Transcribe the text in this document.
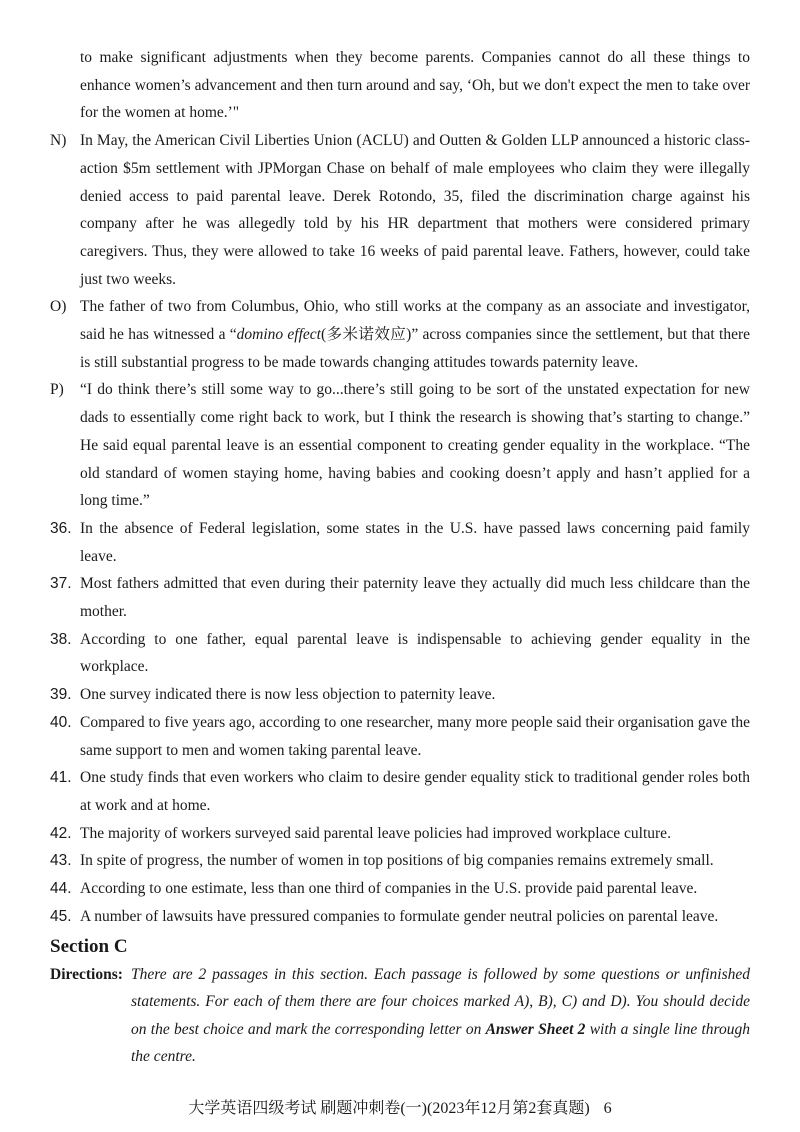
to make significant adjustments when they become parents. Companies cannot do all these things to enhance women’s advancement and then turn around and say, ‘Oh, but we don't expect the men to take over for the women at home.’"
N) In May, the American Civil Liberties Union (ACLU) and Outten & Golden LLP announced a historic class-action $5m settlement with JPMorgan Chase on behalf of male employees who claim they were illegally denied access to paid parental leave. Derek Rotondo, 35, filed the discrimination charge against his company after he was allegedly told by his HR department that mothers were considered primary caregivers. Thus, they were allowed to take 16 weeks of paid parental leave. Fathers, however, could take just two weeks.
O) The father of two from Columbus, Ohio, who still works at the company as an associate and investigator, said he has witnessed a “domino effect(多米诺效应)” across companies since the settlement, but that there is still substantial progress to be made towards changing attitudes towards paternity leave.
P) “I do think there’s still some way to go...there’s still going to be sort of the unstated expectation for new dads to essentially come right back to work, but I think the research is showing that’s starting to change.” He said equal parental leave is an essential component to creating gender equality in the workplace. “The old standard of women staying home, having babies and cooking doesn’t apply and hasn’t applied for a long time.”
36. In the absence of Federal legislation, some states in the U.S. have passed laws concerning paid family leave.
37. Most fathers admitted that even during their paternity leave they actually did much less childcare than the mother.
38. According to one father, equal parental leave is indispensable to achieving gender equality in the workplace.
39. One survey indicated there is now less objection to paternity leave.
40. Compared to five years ago, according to one researcher, many more people said their organisation gave the same support to men and women taking parental leave.
41. One study finds that even workers who claim to desire gender equality stick to traditional gender roles both at work and at home.
42. The majority of workers surveyed said parental leave policies had improved workplace culture.
43. In spite of progress, the number of women in top positions of big companies remains extremely small.
44. According to one estimate, less than one third of companies in the U.S. provide paid parental leave.
45. A number of lawsuits have pressured companies to formulate gender neutral policies on parental leave.
Section C
Directions: There are 2 passages in this section. Each passage is followed by some questions or unfinished statements. For each of them there are four choices marked A), B), C) and D). You should decide on the best choice and mark the corresponding letter on Answer Sheet 2 with a single line through the centre.
大学英语四级考试 刷题冲刺卷(一)(2023年12月第2套真题) 6
